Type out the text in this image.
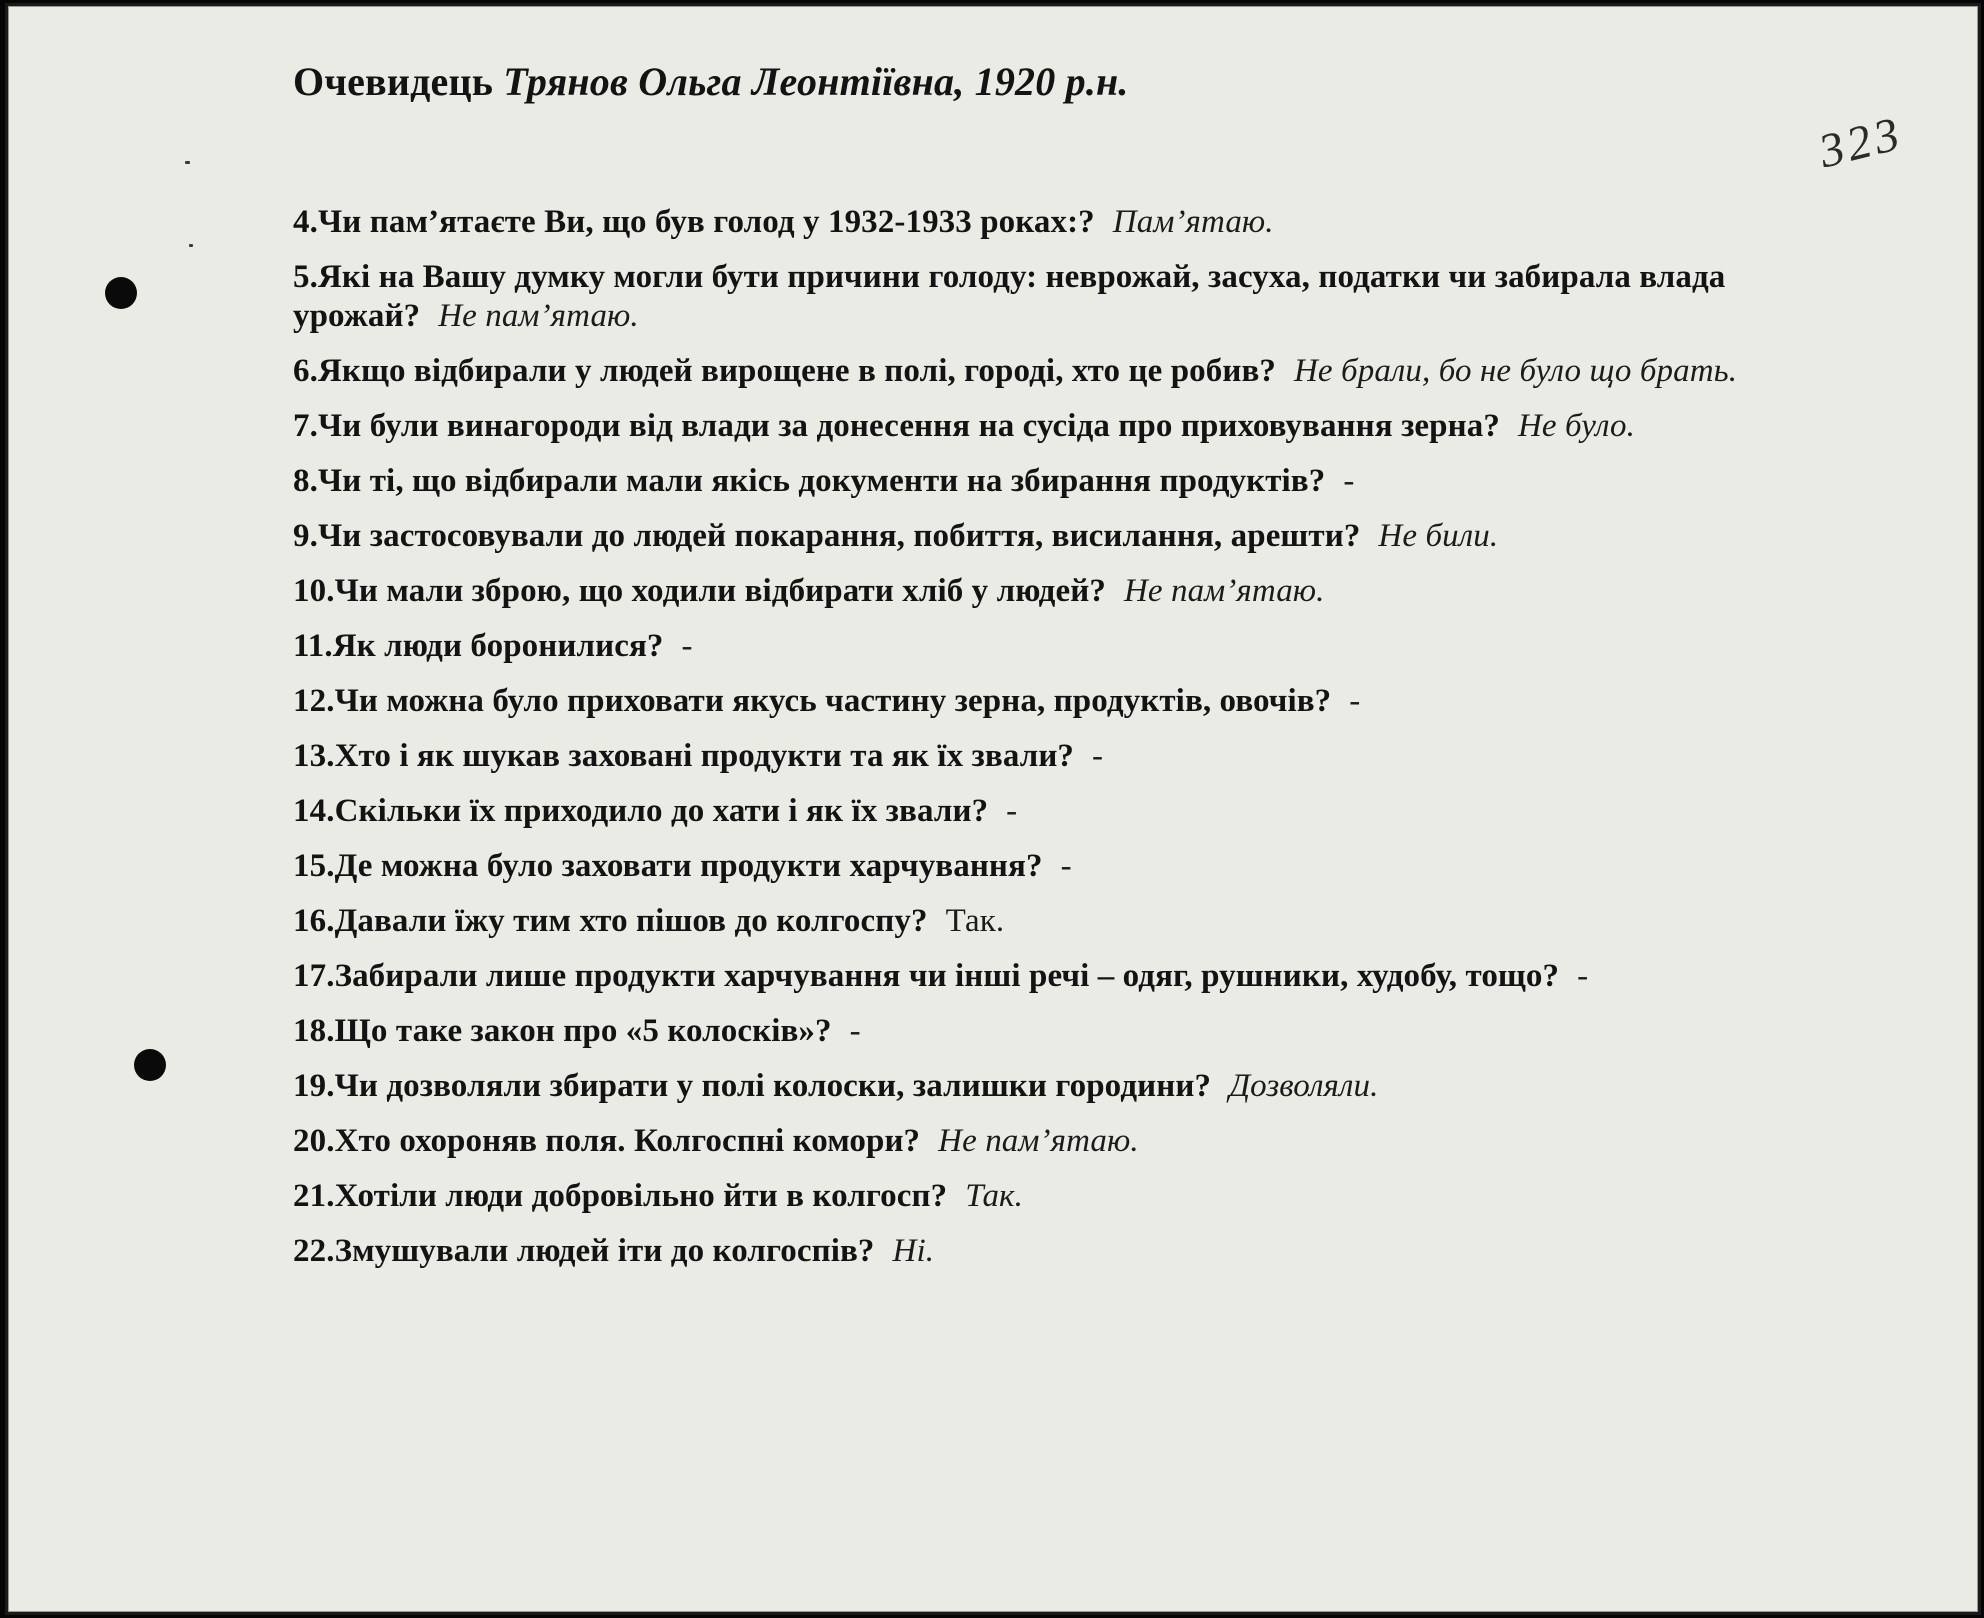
323
Очевидець Трянов Ольга Леонтіївна, 1920 р.н.
4.Чи пам’ятаєте Ви, що був голод у 1932-1933 роках:? Пам’ятаю.
5.Які на Вашу думку могли бути причини голоду: неврожай, засуха, податки чи забирала влада урожай? Не пам’ятаю.
6.Якщо відбирали у людей вирощене в полі, городі, хто це робив? Не брали, бо не було що брать.
7.Чи були винагороди від влади за донесення на сусіда про приховування зерна? Не було.
8.Чи ті, що відбирали мали якісь документи на збирання продуктів? -
9.Чи застосовували до людей покарання, побиття, висилання, арешти? Не били.
10.Чи мали зброю, що ходили відбирати хліб у людей? Не пам’ятаю.
11.Як люди боронилися? -
12.Чи можна було приховати якусь частину зерна, продуктів, овочів? -
13.Хто і як шукав заховані продукти та як їх звали? -
14.Скільки їх приходило до хати і як їх звали? -
15.Де можна було заховати продукти харчування? -
16.Давали їжу тим хто пішов до колгоспу? Так.
17.Забирали лише продукти харчування чи інші речі – одяг, рушники, худобу, тощо? -
18.Що таке закон про «5 колосків»? -
19.Чи дозволяли збирати у полі колоски, залишки городини? Дозволяли.
20.Хто охороняв поля. Колгоспні комори? Не пам’ятаю.
21.Хотіли люди добровільно йти в колгосп? Так.
22.Змушували людей іти до колгоспів? Ні.
